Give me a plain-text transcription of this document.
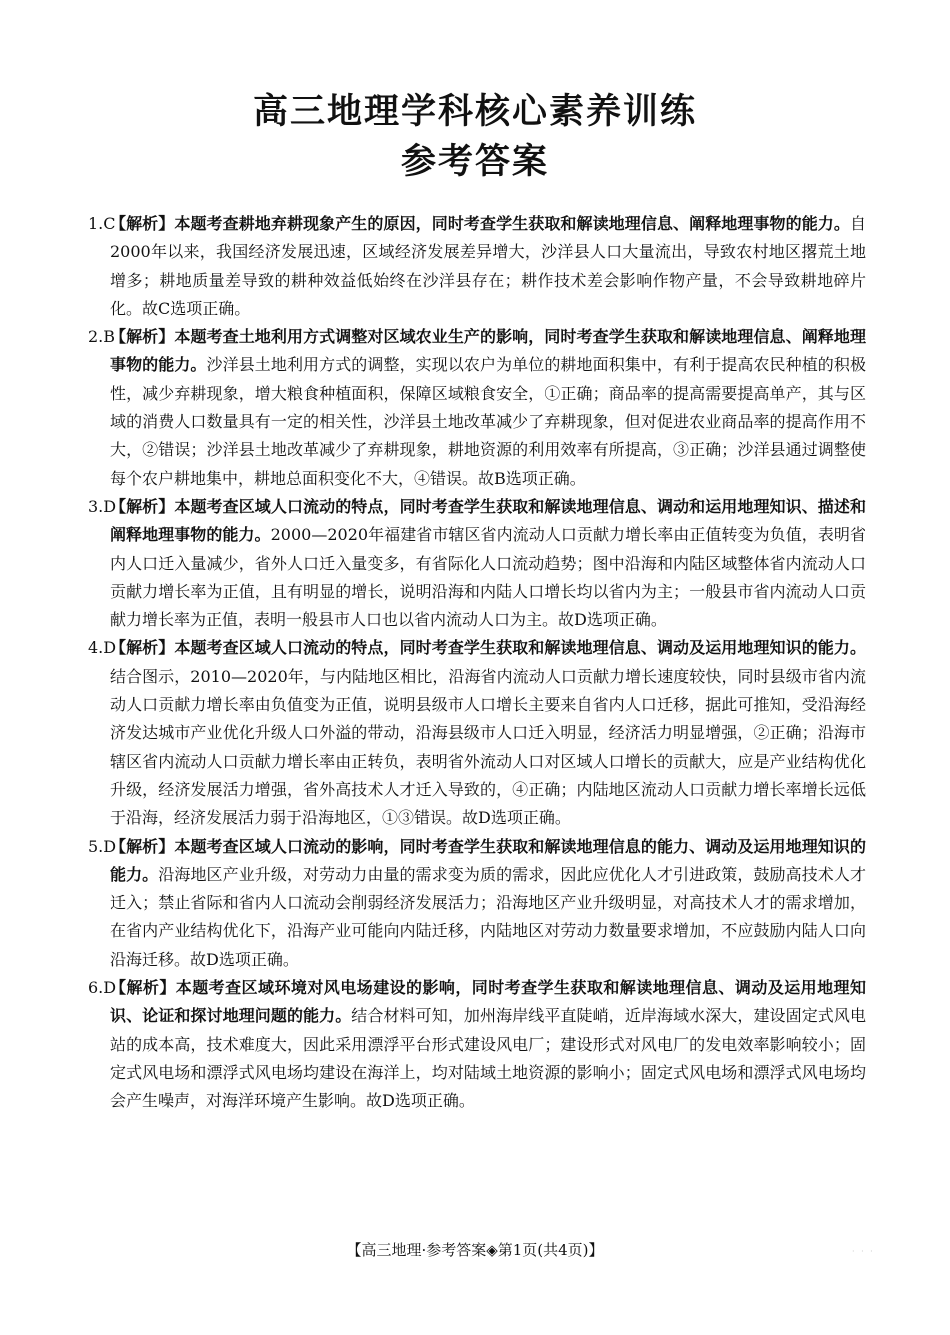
高三地理学科核心素养训练
参考答案
1.C
【解析】本题考查耕地弃耕现象产生的原因，同时考查学生获取和解读地理信息、阐释地理事物的能力。自2000年以来，我国经济发展迅速，区域经济发展差异增大，沙洋县人口大量流出，导致农村地区撂荒土地增多；耕地质量差导致的耕种效益低始终在沙洋县存在；耕作技术差会影响作物产量，不会导致耕地碎片化。故C选项正确。
2.B
【解析】本题考查土地利用方式调整对区域农业生产的影响，同时考查学生获取和解读地理信息、阐释地理事物的能力。沙洋县土地利用方式的调整，实现以农户为单位的耕地面积集中，有利于提高农民种植的积极性，减少弃耕现象，增大粮食种植面积，保障区域粮食安全，①正确；商品率的提高需要提高单产，其与区域的消费人口数量具有一定的相关性，沙洋县土地改革减少了弃耕现象，但对促进农业商品率的提高作用不大，②错误；沙洋县土地改革减少了弃耕现象，耕地资源的利用效率有所提高，③正确；沙洋县通过调整使每个农户耕地集中，耕地总面积变化不大，④错误。故B选项正确。
3.D
【解析】本题考查区域人口流动的特点，同时考查学生获取和解读地理信息、调动和运用地理知识、描述和阐释地理事物的能力。2000—2020年福建省市辖区省内流动人口贡献力增长率由正值转变为负值，表明省内人口迁入量减少，省外人口迁入量变多，有省际化人口流动趋势；图中沿海和内陆区域整体省内流动人口贡献力增长率为正值，且有明显的增长，说明沿海和内陆人口增长均以省内为主；一般县市省内流动人口贡献力增长率为正值，表明一般县市人口也以省内流动人口为主。故D选项正确。
4.D
【解析】本题考查区域人口流动的特点，同时考查学生获取和解读地理信息、调动及运用地理知识的能力。结合图示，2010—2020年，与内陆地区相比，沿海省内流动人口贡献力增长速度较快，同时县级市省内流动人口贡献力增长率由负值变为正值，说明县级市人口增长主要来自省内人口迁移，据此可推知，受沿海经济发达城市产业优化升级人口外溢的带动，沿海县级市人口迁入明显，经济活力明显增强，②正确；沿海市辖区省内流动人口贡献力增长率由正转负，表明省外流动人口对区域人口增长的贡献大，应是产业结构优化升级，经济发展活力增强，省外高技术人才迁入导致的，④正确；内陆地区流动人口贡献力增长率增长远低于沿海，经济发展活力弱于沿海地区，①③错误。故D选项正确。
5.D
【解析】本题考查区域人口流动的影响，同时考查学生获取和解读地理信息的能力、调动及运用地理知识的能力。沿海地区产业升级，对劳动力由量的需求变为质的需求，因此应优化人才引进政策，鼓励高技术人才迁入；禁止省际和省内人口流动会削弱经济发展活力；沿海地区产业升级明显，对高技术人才的需求增加，在省内产业结构优化下，沿海产业可能向内陆迁移，内陆地区对劳动力数量要求增加，不应鼓励内陆人口向沿海迁移。故D选项正确。
6.D
【解析】本题考查区域环境对风电场建设的影响，同时考查学生获取和解读地理信息、调动及运用地理知识、论证和探讨地理问题的能力。结合材料可知，加州海岸线平直陡峭，近岸海域水深大，建设固定式风电站的成本高，技术难度大，因此采用漂浮平台形式建设风电厂；建设形式对风电厂的发电效率影响较小；固定式风电场和漂浮式风电场均建设在海洋上，均对陆域土地资源的影响小；固定式风电场和漂浮式风电场均会产生噪声，对海洋环境产生影响。故D选项正确。
【高三地理·参考答案◈第1页(共4页)】	· · ·
